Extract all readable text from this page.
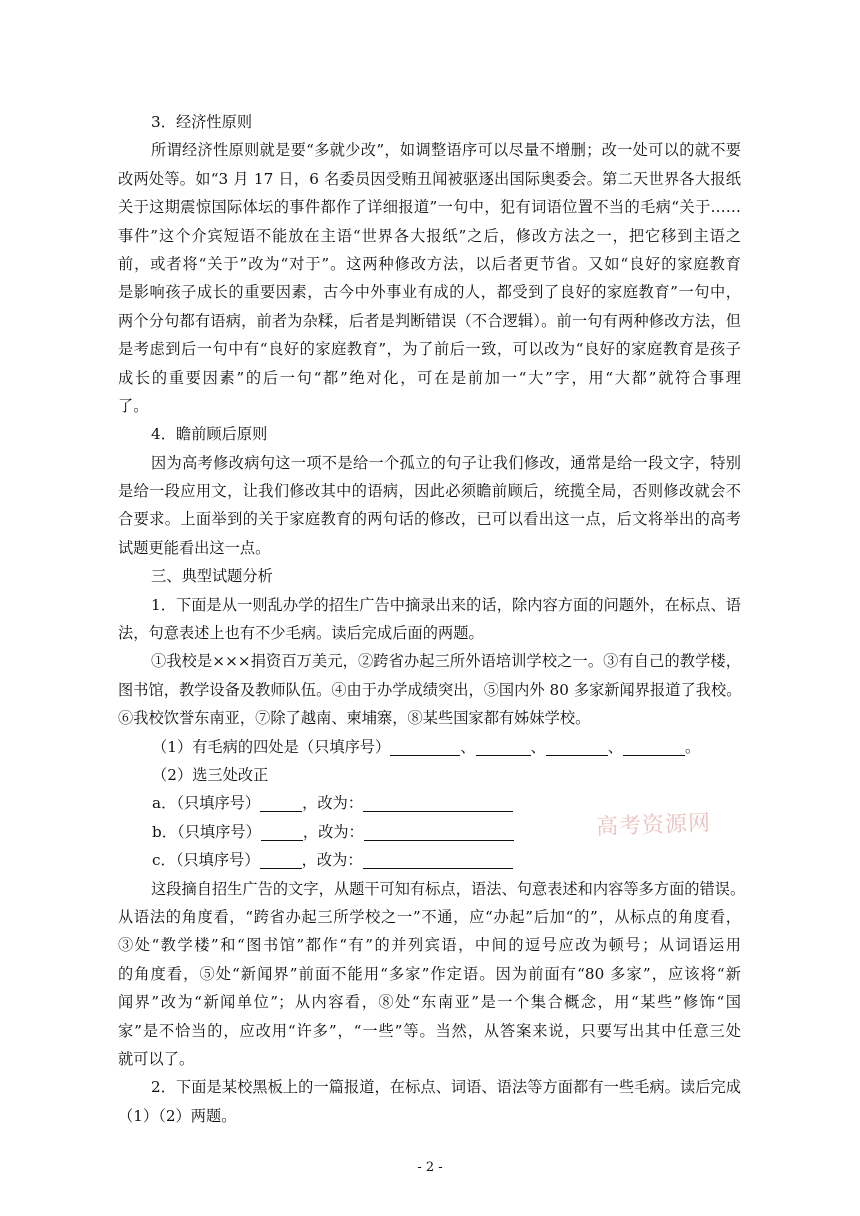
3．经济性原则
所谓经济性原则就是要“多就少改”，如调整语序可以尽量不增删；改一处可以的就不要
改两处等。如“3 月 17 日，6 名委员因受贿丑闻被驱逐出国际奥委会。第二天世界各大报纸
关于这期震惊国际体坛的事件都作了详细报道”一句中，犯有词语位置不当的毛病“关于……
事件”这个介宾短语不能放在主语“世界各大报纸”之后，修改方法之一，把它移到主语之
前，或者将“关于”改为“对于”。这两种修改方法，以后者更节省。又如“良好的家庭教育
是影响孩子成长的重要因素，古今中外事业有成的人，都受到了良好的家庭教育”一句中，
两个分句都有语病，前者为杂糅，后者是判断错误（不合逻辑）。前一句有两种修改方法，但
是考虑到后一句中有“良好的家庭教育”，为了前后一致，可以改为“良好的家庭教育是孩子
成长的重要因素”的后一句“都”绝对化，可在是前加一“大”字，用“大都”就符合事理
了。
4．瞻前顾后原则
因为高考修改病句这一项不是给一个孤立的句子让我们修改，通常是给一段文字，特别
是给一段应用文，让我们修改其中的语病，因此必须瞻前顾后，统揽全局，否则修改就会不
合要求。上面举到的关于家庭教育的两句话的修改，已可以看出这一点，后文将举出的高考
试题更能看出这一点。
三、典型试题分析
1．下面是从一则乱办学的招生广告中摘录出来的话，除内容方面的问题外，在标点、语
法，句意表述上也有不少毛病。读后完成后面的两题。
①我校是×××捐资百万美元，②跨省办起三所外语培训学校之一。③有自己的教学楼，
图书馆，教学设备及教师队伍。④由于办学成绩突出，⑤国内外 80 多家新闻界报道了我校。
⑥我校饮誉东南亚，⑦除了越南、柬埔寨，⑧某些国家都有姊妹学校。
（1）有毛病的四处是（只填序号）	、	、	、	。
（2）选三处改正
a．（只填序号）	，改为：
b．（只填序号）	，改为：
c．（只填序号）	，改为：
这段摘自招生广告的文字，从题干可知有标点，语法、句意表述和内容等多方面的错误。
从语法的角度看，“跨省办起三所学校之一”不通，应“办起”后加“的”，从标点的角度看，
③处“教学楼”和“图书馆”都作“有”的并列宾语，中间的逗号应改为顿号；从词语运用
的角度看，⑤处“新闻界”前面不能用“多家”作定语。因为前面有“80 多家”，应该将“新
闻界”改为“新闻单位”；从内容看，⑧处“东南亚”是一个集合概念，用“某些”修饰“国
家”是不恰当的，应改用“许多”，“一些”等。当然，从答案来说，只要写出其中任意三处
就可以了。
2．下面是某校黑板上的一篇报道，在标点、词语、语法等方面都有一些毛病。读后完成
（1）（2）两题。
高考资源网
- 2 -
